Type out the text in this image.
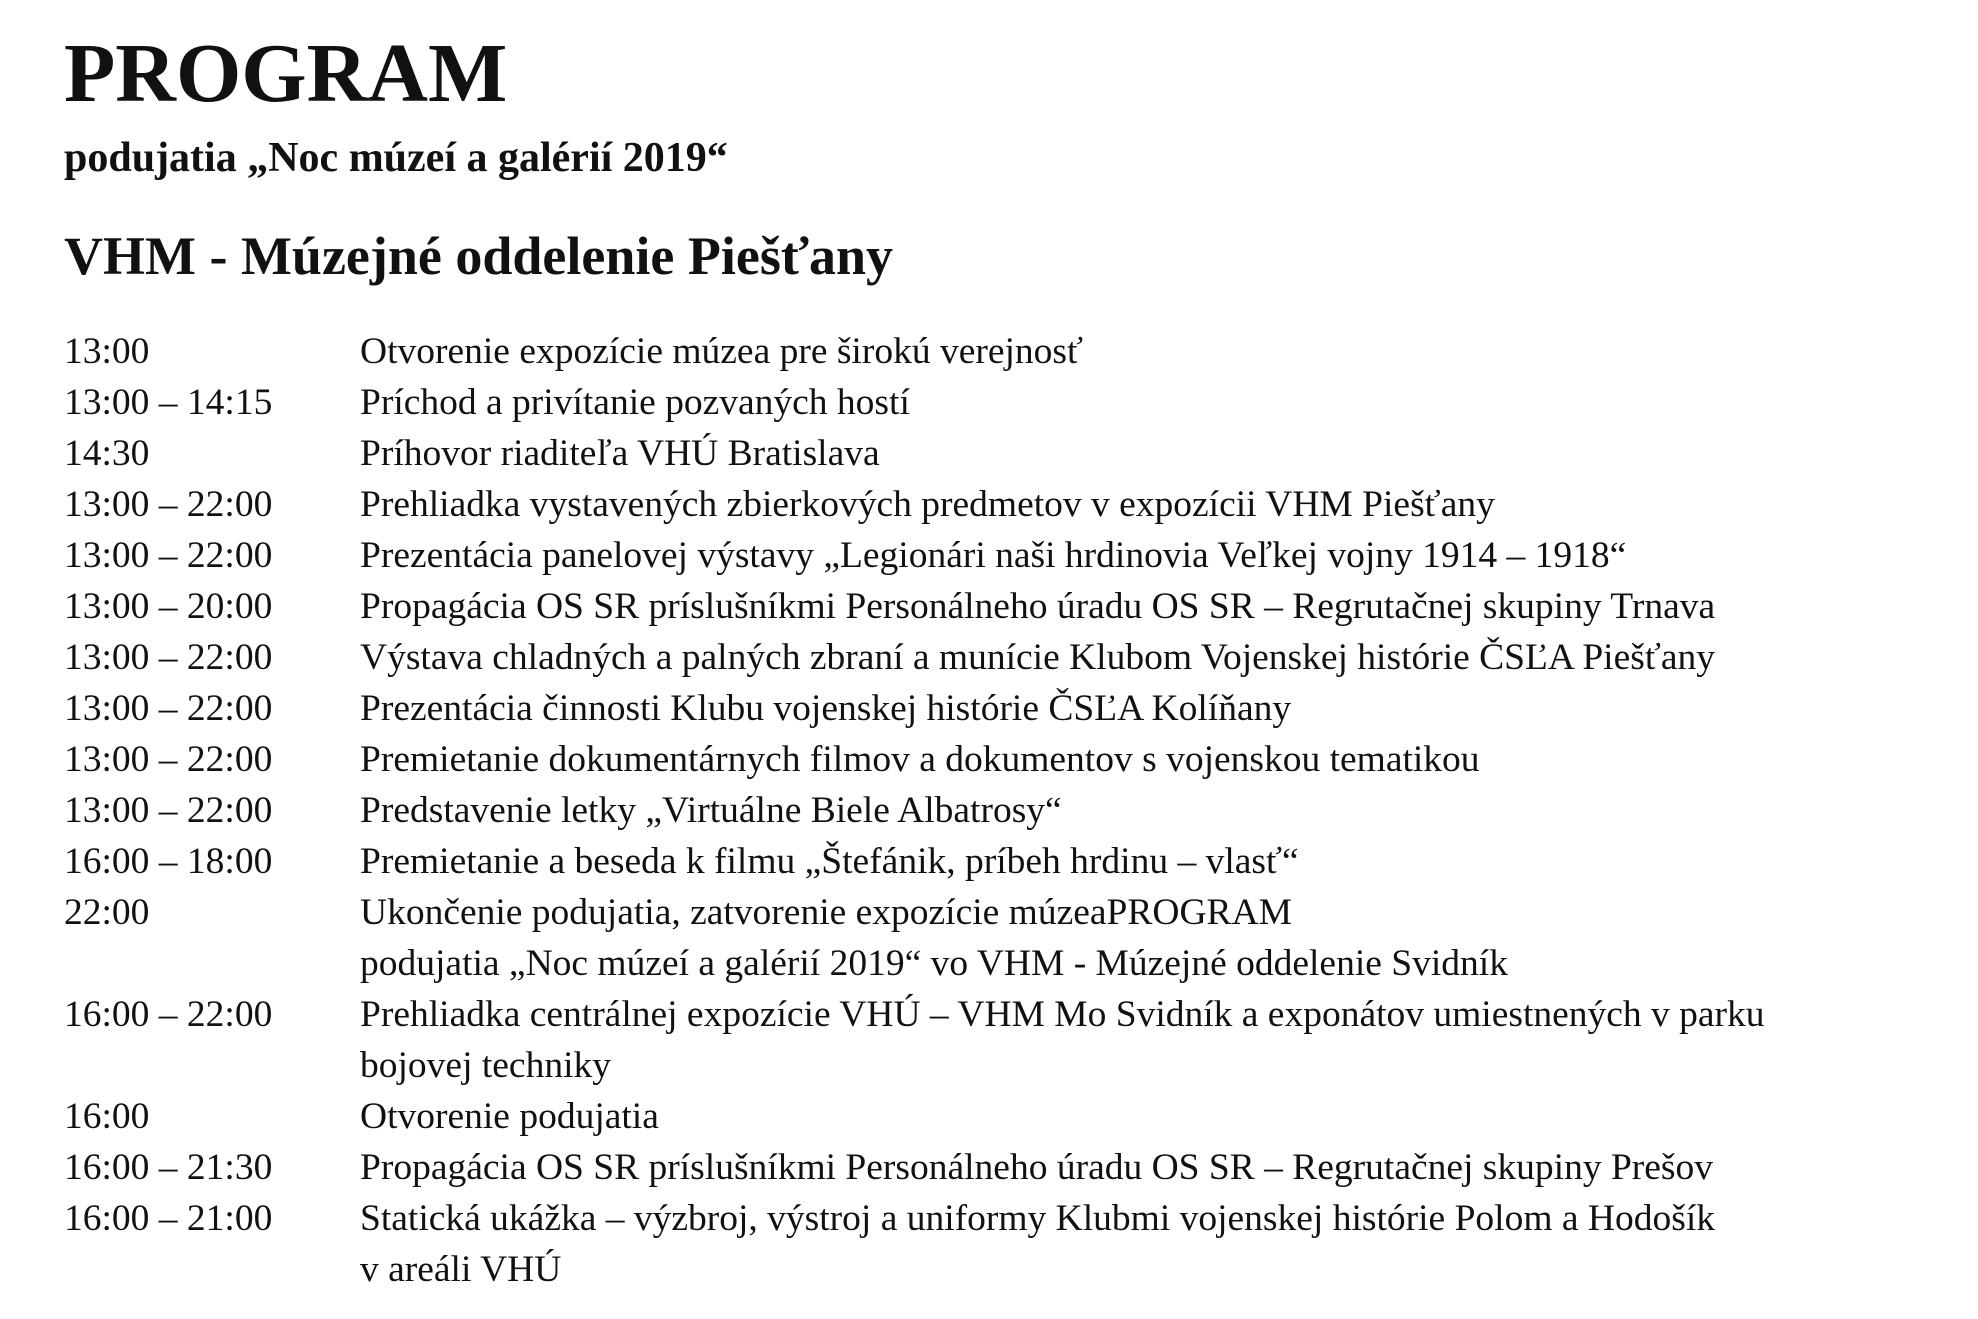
PROGRAM
podujatia „Noc múzeí a galérií 2019“
VHM - Múzejné oddelenie Piešťany
13:00	Otvorenie expozície múzea pre širokú verejnosť
13:00 – 14:15 Príchod a privítanie pozvaných hostí
14:30	Príhovor riaditeľa VHÚ Bratislava
13:00 – 22:00 Prehliadka vystavených zbierkových predmetov v expozícii VHM Piešťany
13:00 – 22:00 Prezentácia panelovej výstavy „Legionári naši hrdinovia Veľkej vojny 1914 – 1918“
13:00 – 20:00 Propagácia OS SR príslušníkmi Personálneho úradu OS SR – Regrutačnej skupiny Trnava
13:00 – 22:00 Výstava chladných a palných zbraní a munície Klubom Vojenskej histórie ČSĽA Piešťany
13:00 – 22:00 Prezentácia činnosti Klubu vojenskej histórie ČSĽA Kolíňany
13:00 – 22:00 Premietanie dokumentárnych filmov a dokumentov s vojenskou tematikou
13:00 – 22:00 Predstavenie letky „Virtuálne Biele Albatrosy“
16:00 – 18:00 Premietanie a beseda k filmu „Štefánik, príbeh hrdinu – vlasť“
22:00	Ukončenie podujatia, zatvorenie expozície múzeaPROGRAM
podujatia „Noc múzeí a galérií 2019“ vo VHM - Múzejné oddelenie Svidník
16:00 – 22:00 Prehliadka centrálnej expozície VHÚ – VHM Mo Svidník a exponátov umiestnených v parku
bojovej techniky
16:00	Otvorenie podujatia
16:00 – 21:30 Propagácia OS SR príslušníkmi Personálneho úradu OS SR – Regrutačnej skupiny Prešov
16:00 – 21:00 Statická ukážka – výzbroj, výstroj a uniformy Klubmi vojenskej histórie Polom a Hodošík
v areáli VHÚ
